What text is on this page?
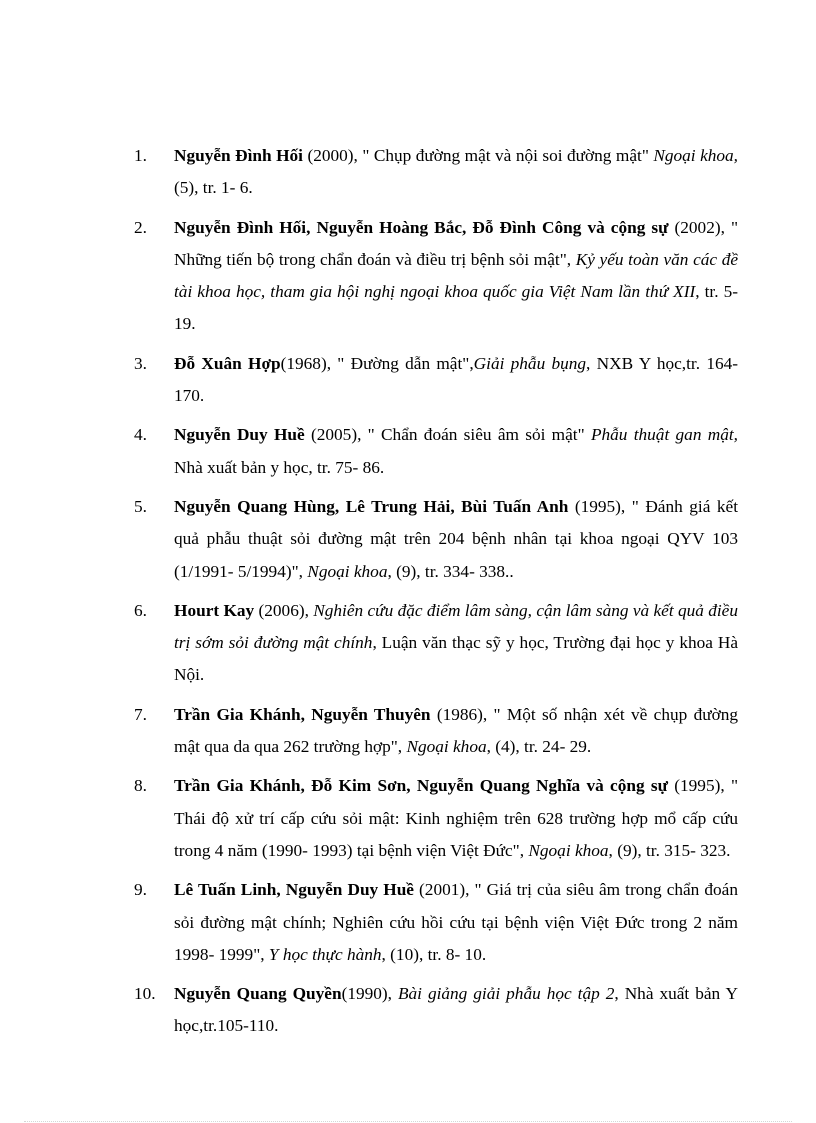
1.	Nguyễn Đình Hối (2000), " Chụp đường mật và nội soi đường mật" Ngoại khoa, (5), tr. 1- 6.
2.	Nguyễn Đình Hối, Nguyễn Hoàng Bắc, Đỗ Đình Công và cộng sự (2002), " Những tiến bộ trong chẩn đoán và điều trị bệnh sỏi mật", Kỷ yếu toàn văn các đề tài khoa học, tham gia hội nghị ngoại khoa quốc gia Việt Nam lần thứ XII, tr. 5- 19.
3.	Đỗ Xuân Hợp(1968), " Đường dẫn mật",Giải phẫu bụng, NXB Y học,tr. 164-170.
4.	Nguyễn Duy Huề (2005), " Chẩn đoán siêu âm sỏi mật" Phẫu thuật gan mật, Nhà xuất bản y học, tr. 75- 86.
5.	Nguyễn Quang Hùng, Lê Trung Hải, Bùi Tuấn Anh (1995), " Đánh giá kết quả phẫu thuật sỏi đường mật trên 204 bệnh nhân tại khoa ngoại QYV 103 (1/1991- 5/1994)", Ngoại khoa, (9), tr. 334- 338..
6.	Hourt Kay (2006), Nghiên cứu đặc điểm lâm sàng, cận lâm sàng và kết quả điều trị sớm sỏi đường mật chính, Luận văn thạc sỹ y học, Trường đại học y khoa Hà Nội.
7.	Trần Gia Khánh, Nguyễn Thuyên (1986), " Một số nhận xét về chụp đường mật qua da qua 262 trường hợp", Ngoại khoa, (4), tr. 24- 29.
8.	Trần Gia Khánh, Đỗ Kim Sơn, Nguyễn Quang Nghĩa và cộng sự (1995), " Thái độ xử trí cấp cứu sỏi mật: Kinh nghiệm trên 628 trường hợp mổ cấp cứu trong 4 năm (1990- 1993) tại bệnh viện Việt Đức", Ngoại khoa, (9), tr. 315- 323.
9.	Lê Tuấn Linh, Nguyễn Duy Huề (2001), " Giá trị của siêu âm trong chẩn đoán sỏi đường mật chính; Nghiên cứu hồi cứu tại bệnh viện Việt Đức trong 2 năm 1998- 1999", Y học thực hành, (10), tr. 8- 10.
10.	Nguyễn Quang Quyền(1990), Bài giảng giải phẫu học tập 2, Nhà xuất bản Y học,tr.105-110.
